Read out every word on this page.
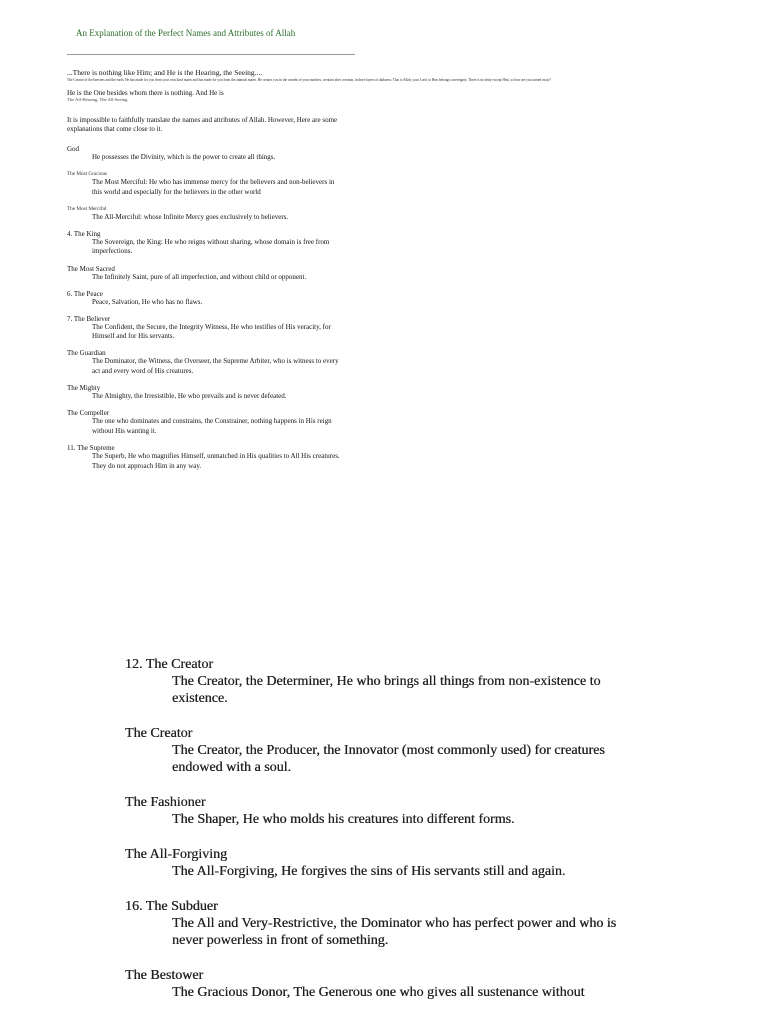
An Explanation of the Perfect Names and Attributes of Allah
...There is nothing like Him; and He is the Hearing, the Seeing....
The Creator of the heavens and the earth. He has made for you from your own kind mates and has made for you from the animals mates. He creates you in the wombs of your mothers, creation after creation, in three layers of darkness. That is Allah, your Lord; to Him belongs sovereignty. There is no deity except Him, so how are you turned away?
He is the One besides whom there is nothing. And He is
The All-Hearing, The All-Seeing
It is impossible to faithfully translate the names and attributes of Allah. However, Here are some explanations that come close to it.
God
He possesses the Divinity, which is the power to create all things.
The Most Gracious
The Most Merciful: He who has immense mercy for the believers and non-believers in this world and especially for the believers in the other world
The Most Merciful
The All-Merciful: whose Infinite Mercy goes exclusively to believers.
4. The King
The Sovereign, the King: He who reigns without sharing, whose domain is free from imperfections.
The Most Sacred
The Infinitely Saint, pure of all imperfection, and without child or opponent.
6. The Peace
Peace, Salvation, He who has no flaws.
7. The Believer
The Confident, the Secure, the Integrity Witness, He who testifies of His veracity, for Himself and for His servants.
The Guardian
The Dominator, the Witness, the Overseer, the Supreme Arbiter, who is witness to every act and every word of His creatures.
The Mighty
The Almighty, the Irresistible, He who prevails and is never defeated.
The Compeller
The one who dominates and constrains, the Constrainer, nothing happens in His reign without His wanting it.
11. The Supreme
The Superb, He who magnifies Himself, unmatched in His qualities to All His creatures. They do not approach Him in any way.
12. The Creator
The Creator, the Determiner, He who brings all things from non-existence to existence.
The Creator
The Creator, the Producer, the Innovator (most commonly used) for creatures endowed with a soul.
The Fashioner
The Shaper, He who molds his creatures into different forms.
The All-Forgiving
The All-Forgiving, He forgives the sins of His servants still and again.
16. The Subduer
The All and Very-Restrictive, the Dominator who has perfect power and who is never powerless in front of something.
The Bestower
The Gracious Donor, The Generous one who gives all sustenance without
